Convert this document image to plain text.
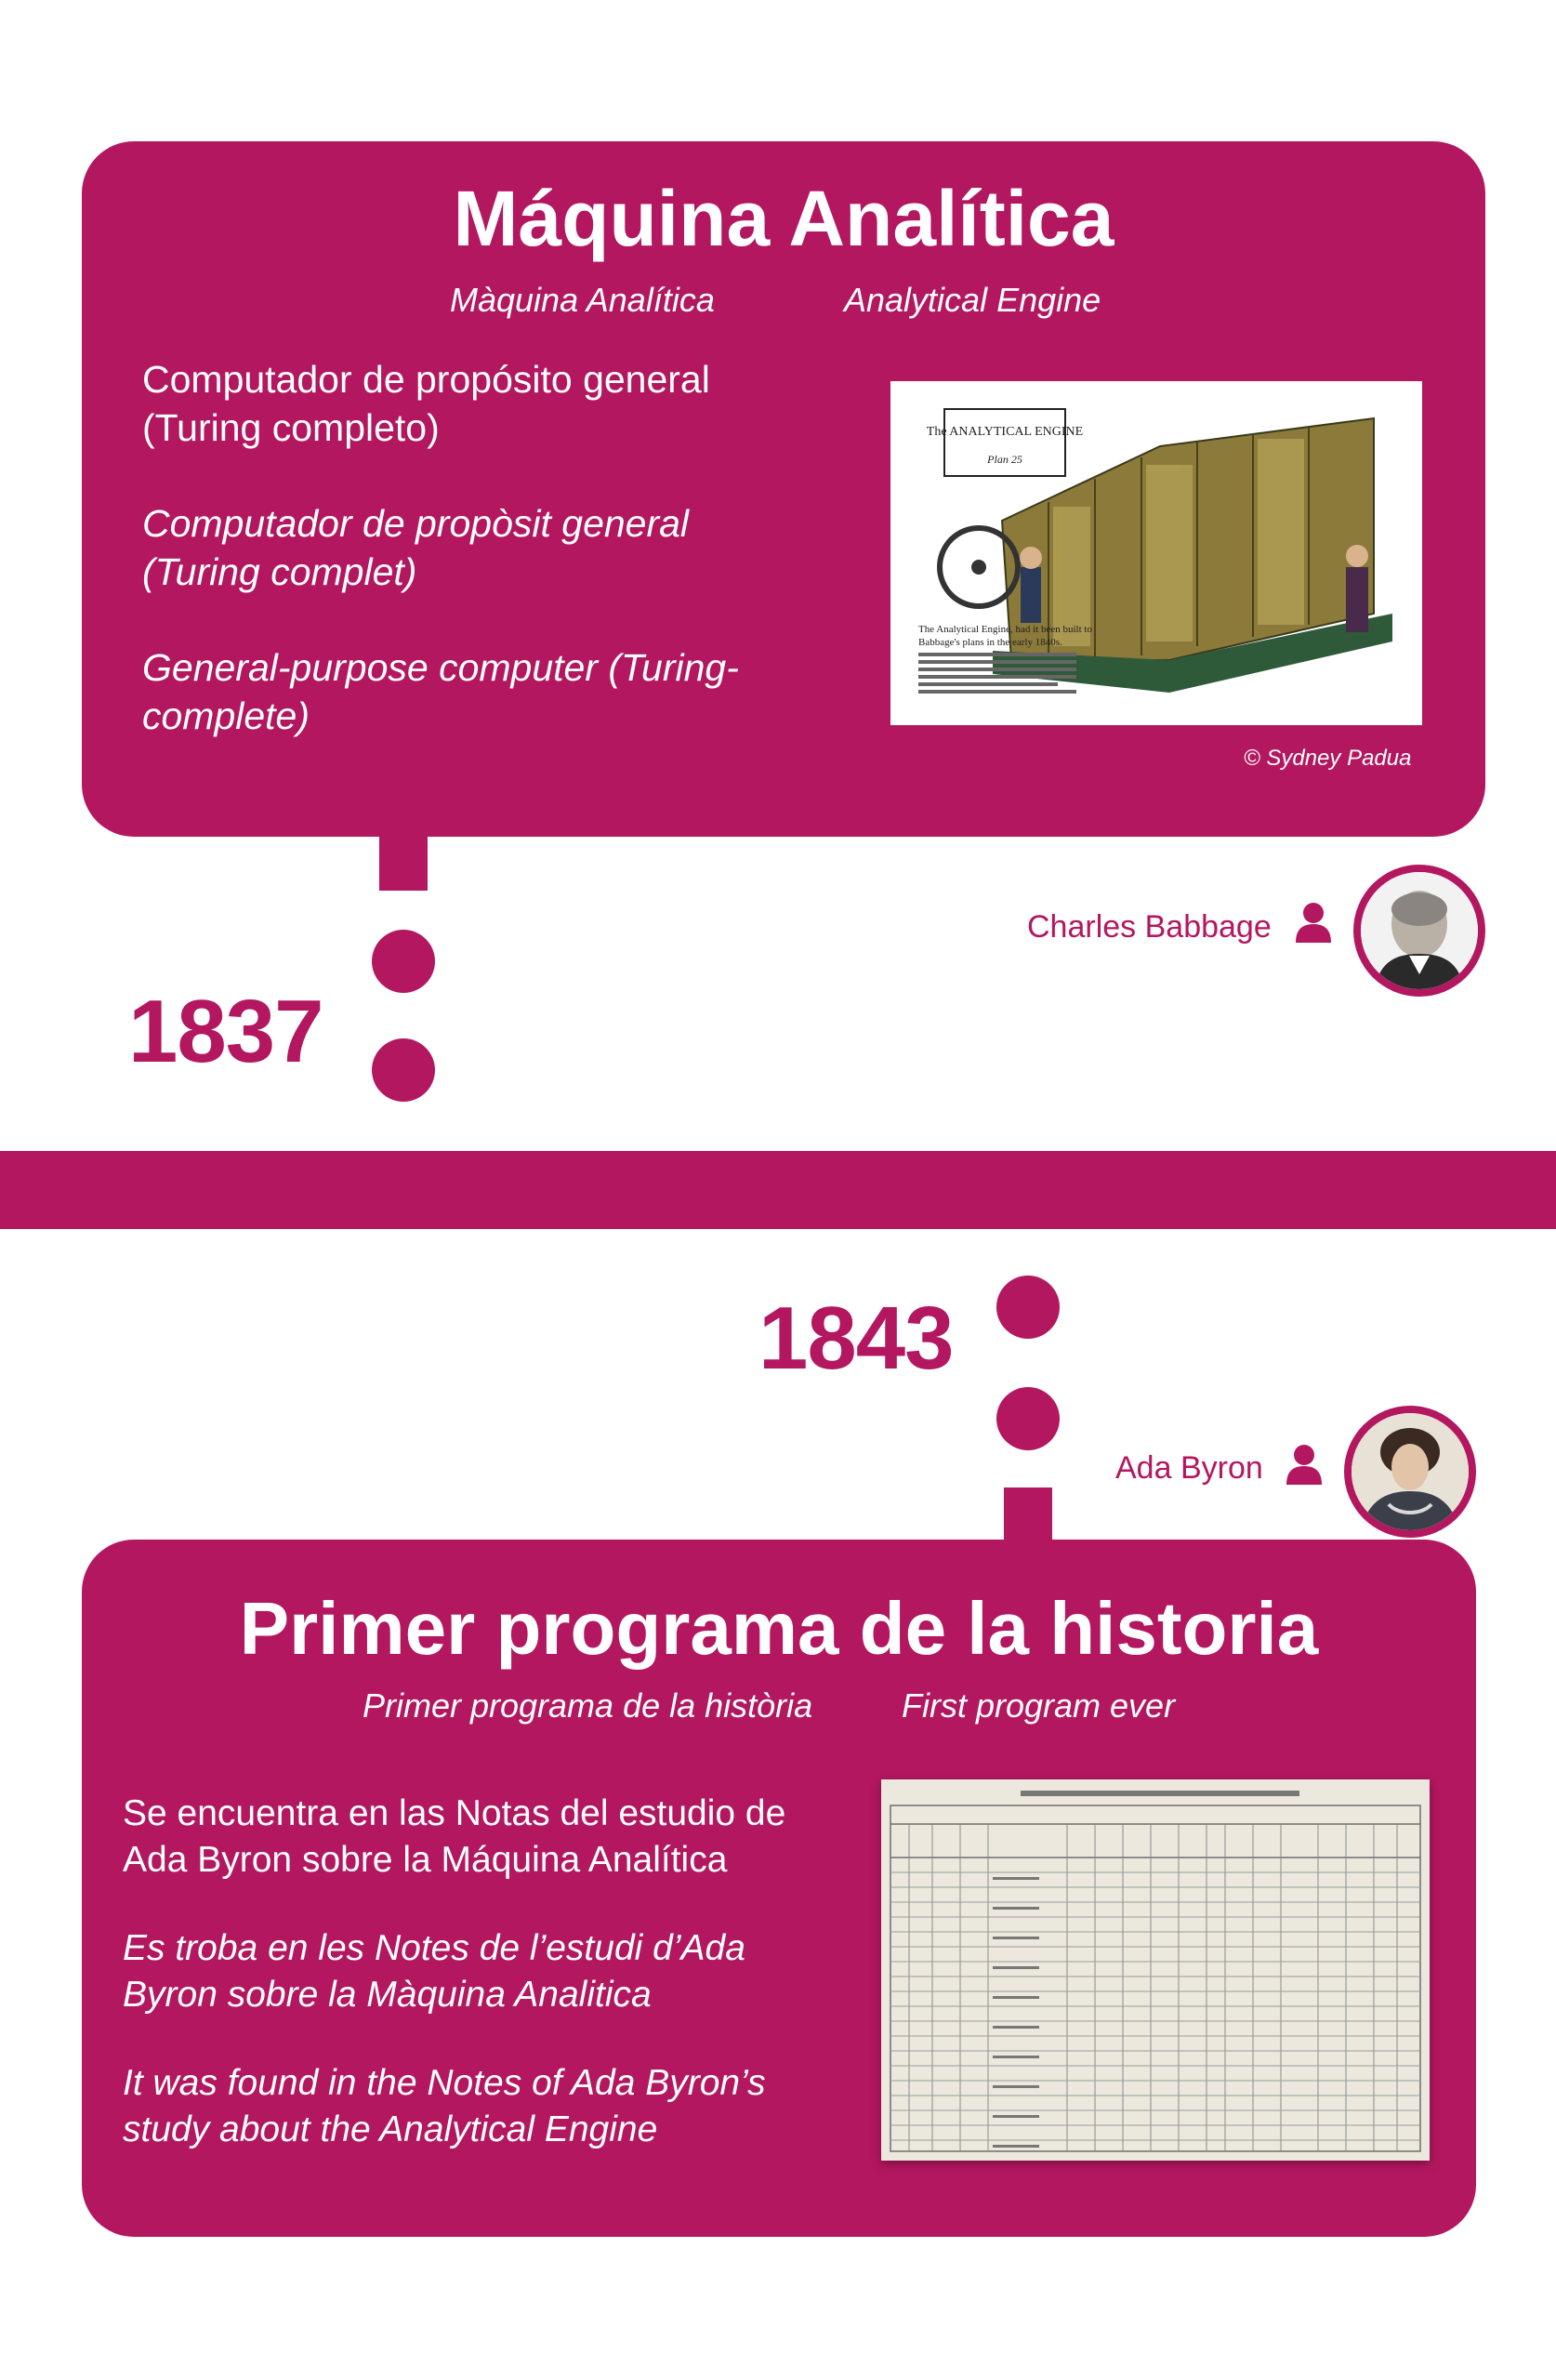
Máquina Analítica
Màquina Analítica	Analytical Engine

Computador de propósito general (Turing completo)

Computador de propòsit general (Turing complet)

General-purpose computer (Turing-complete)

The ANALYTICAL ENGINE
Plan 25
The Analytical Engine, had it been built to
Babbage's plans in the early 1840s.
© Sydney Padua
1837
Charles Babbage
1843
Ada Byron
Primer programa de la historia
Primer programa de la història	First program ever

Se encuentra en las Notas del estudio de Ada Byron sobre la Máquina Analítica

Es troba en les Notes de l’estudi d’Ada Byron sobre la Màquina Analitica

It was found in the Notes of Ada Byron’s study about the Analytical Engine
